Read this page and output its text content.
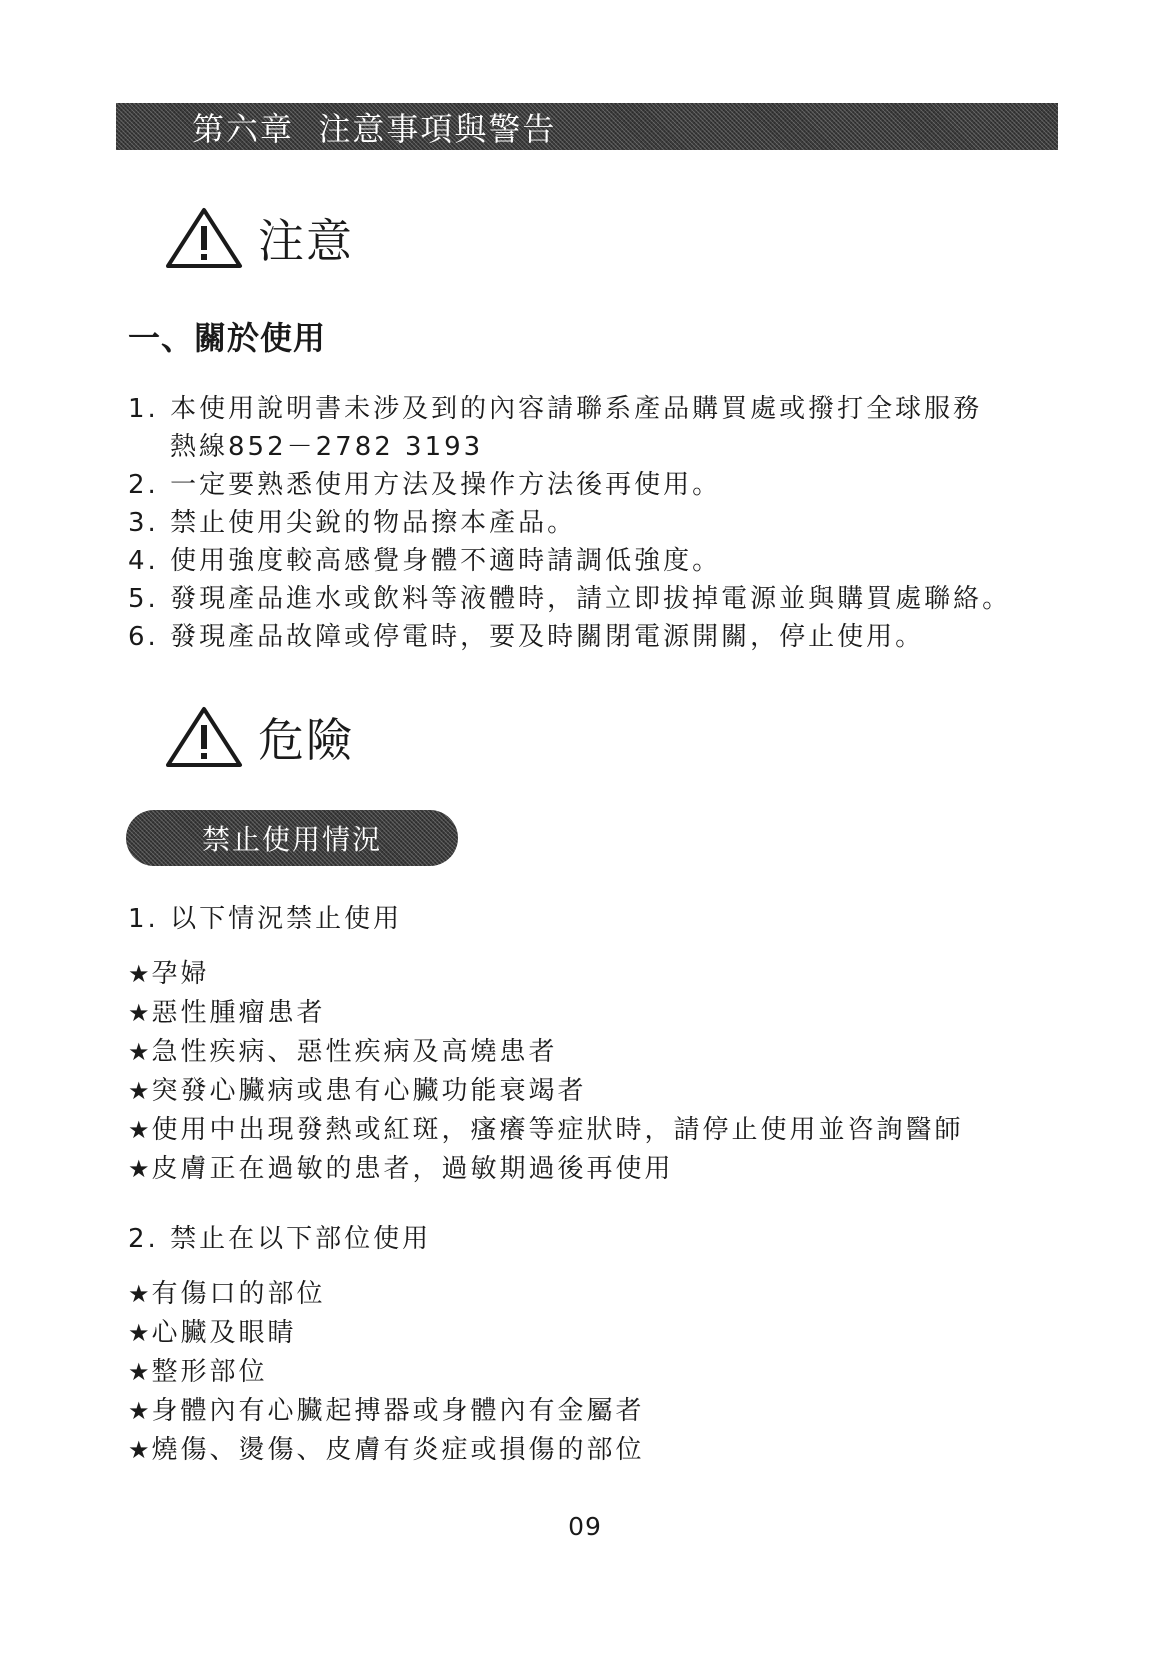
第六章  注意事項與警告
注意
一、關於使用
1. 本使用說明書未涉及到的內容請聯系產品購買處或撥打全球服務
熱線852－2782 3193
2. 一定要熟悉使用方法及操作方法後再使用。
3. 禁止使用尖銳的物品擦本產品。
4. 使用強度較高感覺身體不適時請調低強度。
5. 發現產品進水或飲料等液體時，請立即拔掉電源並與購買處聯絡。
6. 發現產品故障或停電時，要及時關閉電源開關，停止使用。
危險
禁止使用情況
1. 以下情況禁止使用
★ 孕婦
★ 惡性腫瘤患者
★ 急性疾病、惡性疾病及高燒患者
★ 突發心臟病或患有心臟功能衰竭者
★ 使用中出現發熱或紅斑，瘙癢等症狀時，請停止使用並咨詢醫師
★ 皮膚正在過敏的患者，過敏期過後再使用
2. 禁止在以下部位使用
★ 有傷口的部位
★ 心臟及眼睛
★ 整形部位
★ 身體內有心臟起搏器或身體內有金屬者
★ 燒傷、燙傷、皮膚有炎症或損傷的部位
09
